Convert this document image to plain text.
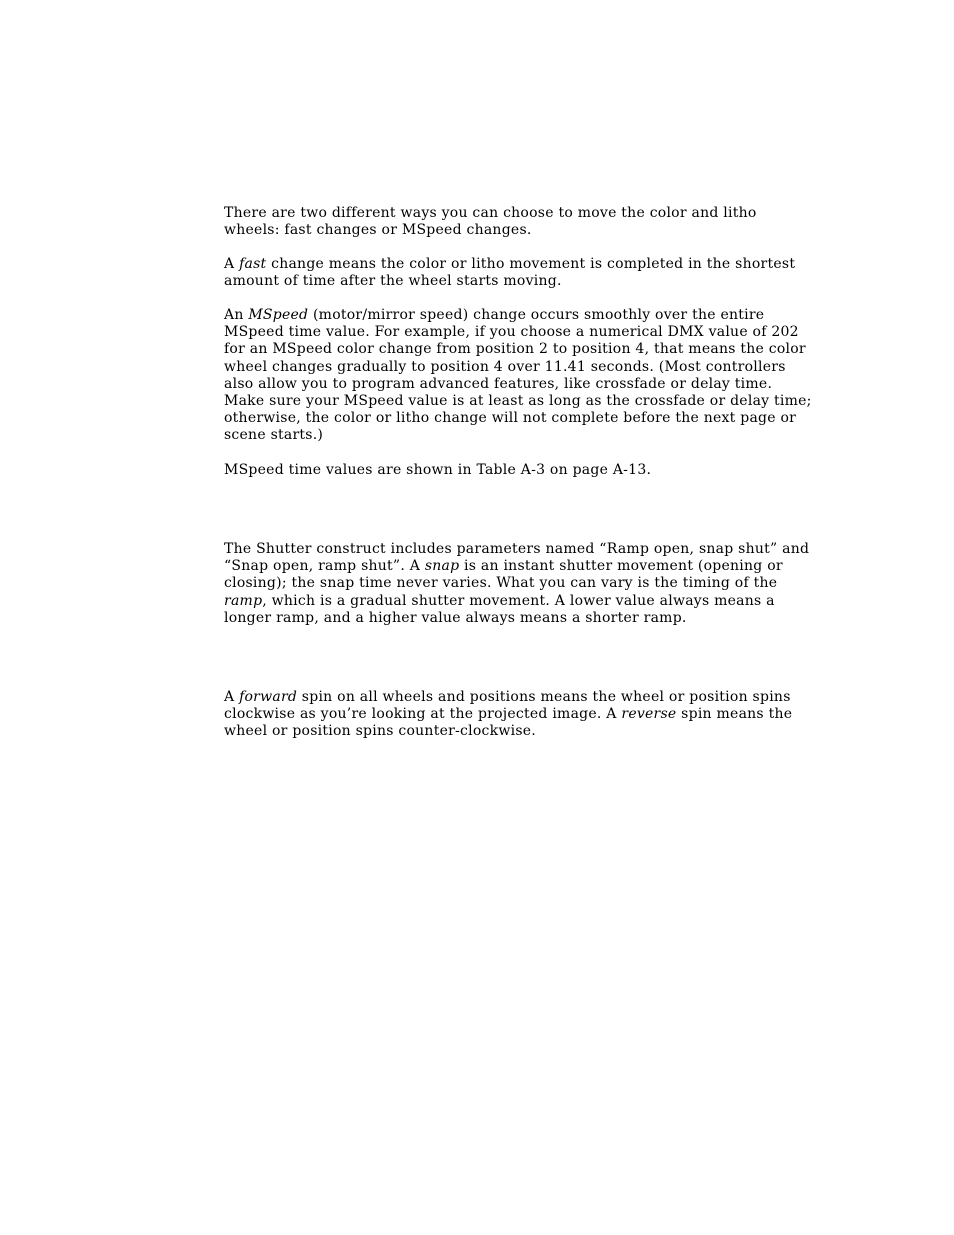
There are two different ways you can choose to move the color and litho
wheels: fast changes or MSpeed changes.

A fast change means the color or litho movement is completed in the shortest
amount of time after the wheel starts moving.

An MSpeed (motor/mirror speed) change occurs smoothly over the entire
MSpeed time value. For example, if you choose a numerical DMX value of 202
for an MSpeed color change from position 2 to position 4, that means the color
wheel changes gradually to position 4 over 11.41 seconds. (Most controllers
also allow you to program advanced features, like crossfade or delay time.
Make sure your MSpeed value is at least as long as the crossfade or delay time;
otherwise, the color or litho change will not complete before the next page or
scene starts.)

MSpeed time values are shown in Table A-3 on page A-13.

The Shutter construct includes parameters named “Ramp open, snap shut” and
“Snap open, ramp shut”. A snap is an instant shutter movement (opening or
closing); the snap time never varies. What you can vary is the timing of the
ramp, which is a gradual shutter movement. A lower value always means a
longer ramp, and a higher value always means a shorter ramp.

A forward spin on all wheels and positions means the wheel or position spins
clockwise as you’re looking at the projected image. A reverse spin means the
wheel or position spins counter-clockwise.
